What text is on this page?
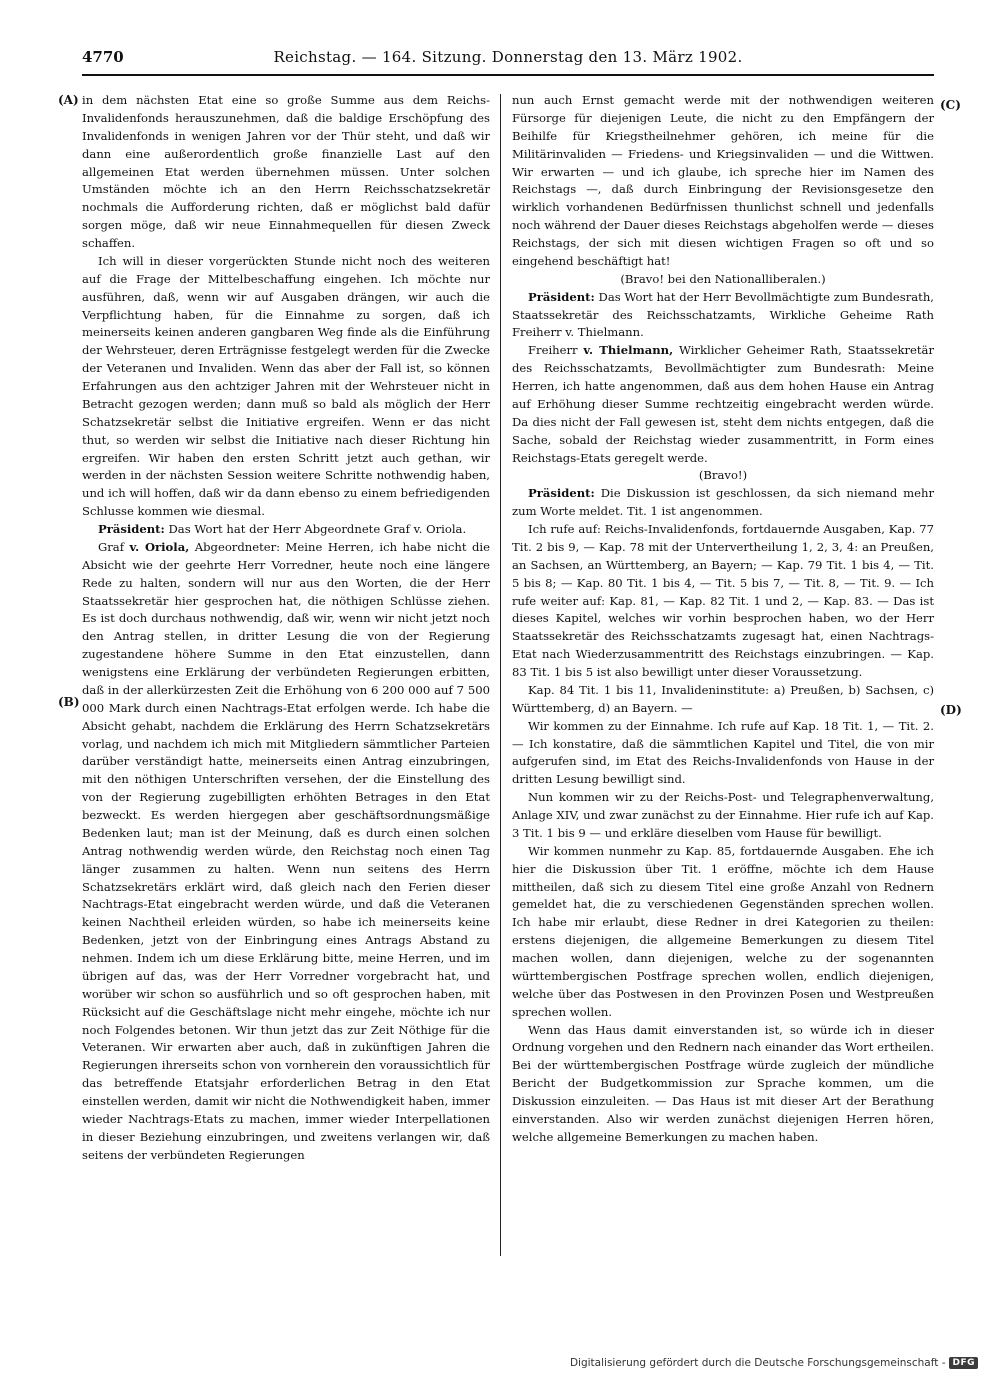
4770	Reichstag. — 164. Sitzung. Donnerstag den 13. März 1902.
(A)
(B)
(C)
(D)

in dem nächsten Etat eine so große Summe aus dem Reichs-Invalidenfonds herauszunehmen, daß die baldige Erschöpfung des Invalidenfonds in wenigen Jahren vor der Thür steht, und daß wir dann eine außerordentlich große finanzielle Last auf den allgemeinen Etat werden übernehmen müssen. Unter solchen Umständen möchte ich an den Herrn Reichsschatzsekretär nochmals die Aufforderung richten, daß er möglichst bald dafür sorgen möge, daß wir neue Einnahmequellen für diesen Zweck schaffen.

Ich will in dieser vorgerückten Stunde nicht noch des weiteren auf die Frage der Mittelbeschaffung eingehen. Ich möchte nur ausführen, daß, wenn wir auf Ausgaben drängen, wir auch die Verpflichtung haben, für die Einnahme zu sorgen, daß ich meinerseits keinen anderen gangbaren Weg finde als die Einführung der Wehrsteuer, deren Erträgnisse festgelegt werden für die Zwecke der Veteranen und Invaliden. Wenn das aber der Fall ist, so können Erfahrungen aus den achtziger Jahren mit der Wehrsteuer nicht in Betracht gezogen werden; dann muß so bald als möglich der Herr Schatzsekretär selbst die Initiative ergreifen. Wenn er das nicht thut, so werden wir selbst die Initiative nach dieser Richtung hin ergreifen. Wir haben den ersten Schritt jetzt auch gethan, wir werden in der nächsten Session weitere Schritte nothwendig haben, und ich will hoffen, daß wir da dann ebenso zu einem befriedigenden Schlusse kommen wie diesmal.

Präsident: Das Wort hat der Herr Abgeordnete Graf v. Oriola.

Graf v. Oriola, Abgeordneter: Meine Herren, ich habe nicht die Absicht wie der geehrte Herr Vorredner, heute noch eine längere Rede zu halten, sondern will nur aus den Worten, die der Herr Staatssekretär hier gesprochen hat, die nöthigen Schlüsse ziehen. Es ist doch durchaus nothwendig, daß wir, wenn wir nicht jetzt noch den Antrag stellen, in dritter Lesung die von der Regierung zugestandene höhere Summe in den Etat einzustellen, dann wenigstens eine Erklärung der verbündeten Regierungen erbitten, daß in der allerkürzesten Zeit die Erhöhung von 6 200 000 auf 7 500 000 Mark durch einen Nachtrags-Etat erfolgen werde. Ich habe die Absicht gehabt, nachdem die Erklärung des Herrn Schatzsekretärs vorlag, und nachdem ich mich mit Mitgliedern sämmtlicher Parteien darüber verständigt hatte, meinerseits einen Antrag einzubringen, mit den nöthigen Unterschriften versehen, der die Einstellung des von der Regierung zugebilligten erhöhten Betrages in den Etat bezweckt. Es werden hiergegen aber geschäftsordnungsmäßige Bedenken laut; man ist der Meinung, daß es durch einen solchen Antrag nothwendig werden würde, den Reichstag noch einen Tag länger zusammen zu halten. Wenn nun seitens des Herrn Schatzsekretärs erklärt wird, daß gleich nach den Ferien dieser Nachtrags-Etat eingebracht werden würde, und daß die Veteranen keinen Nachtheil erleiden würden, so habe ich meinerseits keine Bedenken, jetzt von der Einbringung eines Antrags Abstand zu nehmen. Indem ich um diese Erklärung bitte, meine Herren, und im übrigen auf das, was der Herr Vorredner vorgebracht hat, und worüber wir schon so ausführlich und so oft gesprochen haben, mit Rücksicht auf die Geschäftslage nicht mehr eingehe, möchte ich nur noch Folgendes betonen. Wir thun jetzt das zur Zeit Nöthige für die Veteranen. Wir erwarten aber auch, daß in zukünftigen Jahren die Regierungen ihrerseits schon von vornherein den voraussichtlich für das betreffende Etatsjahr erforderlichen Betrag in den Etat einstellen werden, damit wir nicht die Nothwendigkeit haben, immer wieder Nachtrags-Etats zu machen, immer wieder Interpellationen in dieser Beziehung einzubringen, und zweitens verlangen wir, daß seitens der verbündeten Regierungen

nun auch Ernst gemacht werde mit der nothwendigen weiteren Fürsorge für diejenigen Leute, die nicht zu den Empfängern der Beihilfe für Kriegstheilnehmer gehören, ich meine für die Militärinvaliden — Friedens- und Kriegsinvaliden — und die Wittwen. Wir erwarten — und ich glaube, ich spreche hier im Namen des Reichstags —, daß durch Einbringung der Revisionsgesetze den wirklich vorhandenen Bedürfnissen thunlichst schnell und jedenfalls noch während der Dauer dieses Reichstags abgeholfen werde — dieses Reichstags, der sich mit diesen wichtigen Fragen so oft und so eingehend beschäftigt hat!

(Bravo! bei den Nationalliberalen.)

Präsident: Das Wort hat der Herr Bevollmächtigte zum Bundesrath, Staatssekretär des Reichsschatzamts, Wirkliche Geheime Rath Freiherr v. Thielmann.

Freiherr v. Thielmann, Wirklicher Geheimer Rath, Staatssekretär des Reichsschatzamts, Bevollmächtigter zum Bundesrath: Meine Herren, ich hatte angenommen, daß aus dem hohen Hause ein Antrag auf Erhöhung dieser Summe rechtzeitig eingebracht werden würde. Da dies nicht der Fall gewesen ist, steht dem nichts entgegen, daß die Sache, sobald der Reichstag wieder zusammentritt, in Form eines Reichstags-Etats geregelt werde.

(Bravo!)

Präsident: Die Diskussion ist geschlossen, da sich niemand mehr zum Worte meldet. Tit. 1 ist angenommen.

Ich rufe auf: Reichs-Invalidenfonds, fortdauernde Ausgaben, Kap. 77 Tit. 2 bis 9, — Kap. 78 mit der Untervertheilung 1, 2, 3, 4: an Preußen, an Sachsen, an Württemberg, an Bayern; — Kap. 79 Tit. 1 bis 4, — Tit. 5 bis 8; — Kap. 80 Tit. 1 bis 4, — Tit. 5 bis 7, — Tit. 8, — Tit. 9. — Ich rufe weiter auf: Kap. 81, — Kap. 82 Tit. 1 und 2, — Kap. 83. — Das ist dieses Kapitel, welches wir vorhin besprochen haben, wo der Herr Staatssekretär des Reichsschatzamts zugesagt hat, einen Nachtrags-Etat nach Wiederzusammentritt des Reichstags einzubringen. — Kap. 83 Tit. 1 bis 5 ist also bewilligt unter dieser Voraussetzung.

Kap. 84 Tit. 1 bis 11, Invalideninstitute: a) Preußen, b) Sachsen, c) Württemberg, d) an Bayern. —

Wir kommen zu der Einnahme. Ich rufe auf Kap. 18 Tit. 1, — Tit. 2. — Ich konstatire, daß die sämmtlichen Kapitel und Titel, die von mir aufgerufen sind, im Etat des Reichs-Invalidenfonds von Hause in der dritten Lesung bewilligt sind.

Nun kommen wir zu der Reichs-Post- und Telegraphenverwaltung, Anlage XIV, und zwar zunächst zu der Einnahme. Hier rufe ich auf Kap. 3 Tit. 1 bis 9 — und erkläre dieselben vom Hause für bewilligt.

Wir kommen nunmehr zu Kap. 85, fortdauernde Ausgaben. Ehe ich hier die Diskussion über Tit. 1 eröffne, möchte ich dem Hause mittheilen, daß sich zu diesem Titel eine große Anzahl von Rednern gemeldet hat, die zu verschiedenen Gegenständen sprechen wollen. Ich habe mir erlaubt, diese Redner in drei Kategorien zu theilen: erstens diejenigen, die allgemeine Bemerkungen zu diesem Titel machen wollen, dann diejenigen, welche zu der sogenannten württembergischen Postfrage sprechen wollen, endlich diejenigen, welche über das Postwesen in den Provinzen Posen und Westpreußen sprechen wollen.

Wenn das Haus damit einverstanden ist, so würde ich in dieser Ordnung vorgehen und den Rednern nach einander das Wort ertheilen. Bei der württembergischen Postfrage würde zugleich der mündliche Bericht der Budgetkommission zur Sprache kommen, um die Diskussion einzuleiten. — Das Haus ist mit dieser Art der Berathung einverstanden. Also wir werden zunächst diejenigen Herren hören, welche allgemeine Bemerkungen zu machen haben.

Digitalisierung gefördert durch die Deutsche Forschungsgemeinschaft - DFG
